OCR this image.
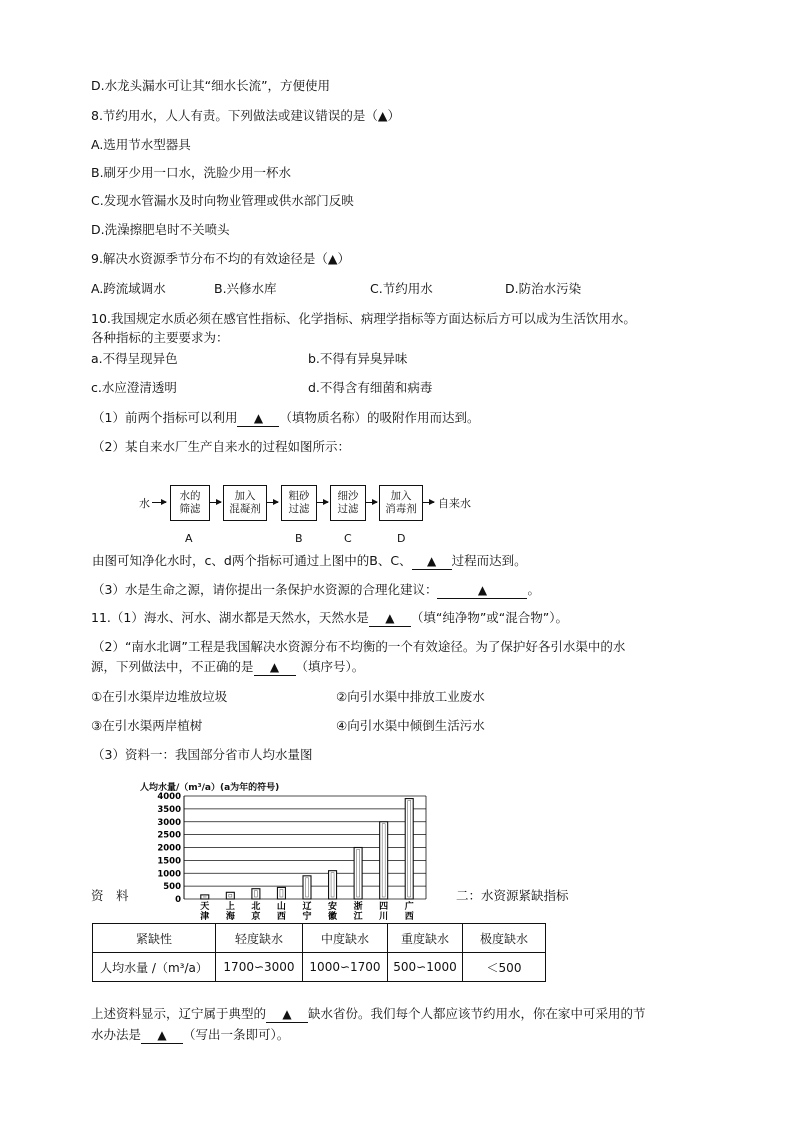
D.水龙头漏水可让其“细水长流”，方便使用
8.节约用水，人人有责。下列做法或建议错误的是（▲）
A.选用节水型器具
B.刷牙少用一口水，洗脸少用一杯水
C.发现水管漏水及时向物业管理或供水部门反映
D.洗澡擦肥皂时不关喷头
9.解决水资源季节分布不均的有效途径是（▲）
A.跨流域调水	B.兴修水库	C.节约用水	D.防治水污染
10.我国规定水质必须在感官性指标、化学指标、病理学指标等方面达标后方可以成为生活饮用水。
各种指标的主要要求为：
a.不得呈现异色	b.不得有异臭异味
c.水应澄清透明	d.不得含有细菌和病毒
（1）前两个指标可以利用 ▲ （填物质名称）的吸附作用而达到。
（2）某自来水厂生产自来水的过程如图所示：
水
水的
筛滤
加入
混凝剂
粗砂
过滤
细沙
过滤
加入
消毒剂 自来水
A	B	C	D
由图可知净化水时，c、d两个指标可通过上图中的B、C、 ▲ 过程而达到。
（3）水是生命之源，请你提出一条保护水资源的合理化建议：	▲	。
11.（1）海水、河水、湖水都是天然水，天然水是 ▲ （填“纯净物”或“混合物”）。
（2）“南水北调”工程是我国解决水资源分布不均衡的一个有效途径。为了保护好各引水渠中的水
源，下列做法中，不正确的是 ▲ （填序号）。
①在引水渠岸边堆放垃圾	②向引水渠中排放工业废水
③在引水渠两岸植树	④向引水渠中倾倒生活污水
（3）资料一：我国部分省市人均水量图
人均水量/（m³/a）(a为年的符号)
0
500
1000
1500
2000
2500
3000
3500
4000
天
津
上
海
北
京
山
西
辽
宁
安
徽
浙
江
四
川
广
西
资　料	二：水资源紧缺指标
紧缺性	轻度缺水	中度缺水	重度缺水	极度缺水
人均水量 /（m³/a）	1700∽3000	1000∽1700	500∽1000	＜500
上述资料显示，辽宁属于典型的 ▲ 缺水省份。我们每个人都应该节约用水，你在家中可采用的节
水办法是 ▲ （写出一条即可）。
